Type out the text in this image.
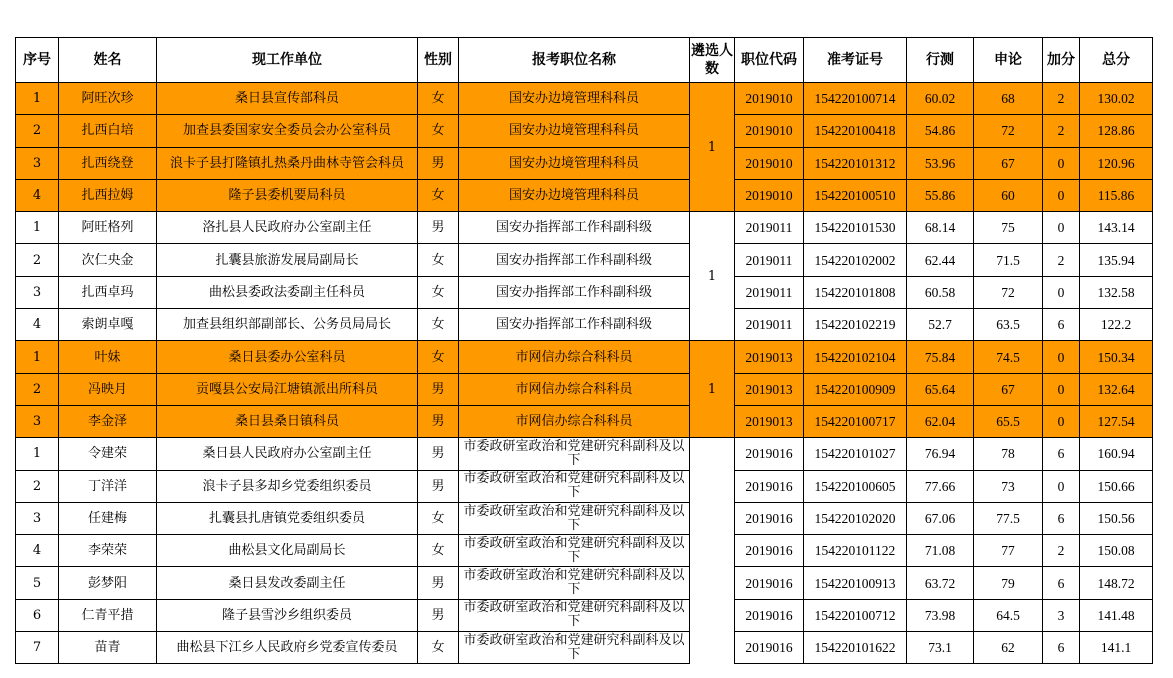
序号	姓名	现工作单位	性别	报考职位名称	遴选人数	职位代码	准考证号	行测	申论	加分	总分
1	阿旺次珍	桑日县宣传部科员	女	国安办边境管理科科员	1	2019010	154220100714	60.02	68	2	130.02
2	扎西白培	加查县委国家安全委员会办公室科员	女	国安办边境管理科科员		2019010	154220100418	54.86	72	2	128.86
3	扎西绕登	浪卡子县打隆镇扎热桑丹曲林寺管会科员	男	国安办边境管理科科员		2019010	154220101312	53.96	67	0	120.96
4	扎西拉姆	隆子县委机要局科员	女	国安办边境管理科科员		2019010	154220100510	55.86	60	0	115.86
1	阿旺格列	洛扎县人民政府办公室副主任	男	国安办指挥部工作科副科级	1	2019011	154220101530	68.14	75	0	143.14
2	次仁央金	扎囊县旅游发展局副局长	女	国安办指挥部工作科副科级		2019011	154220102002	62.44	71.5	2	135.94
3	扎西卓玛	曲松县委政法委副主任科员	女	国安办指挥部工作科副科级		2019011	154220101808	60.58	72	0	132.58
4	索朗卓嘎	加查县组织部副部长、公务员局局长	女	国安办指挥部工作科副科级		2019011	154220102219	52.7	63.5	6	122.2
1	叶妹	桑日县委办公室科员	女	市网信办综合科科员	1	2019013	154220102104	75.84	74.5	0	150.34
2	冯映月	贡嘎县公安局江塘镇派出所科员	男	市网信办综合科科员		2019013	154220100909	65.64	67	0	132.64
3	李金泽	桑日县桑日镇科员	男	市网信办综合科科员		2019013	154220100717	62.04	65.5	0	127.54
1	令建荣	桑日县人民政府办公室副主任	男	市委政研室政治和党建研究科副科及以下		2019016	154220101027	76.94	78	6	160.94
2	丁洋洋	浪卡子县多却乡党委组织委员	男	市委政研室政治和党建研究科副科及以下		2019016	154220100605	77.66	73	0	150.66
3	任建梅	扎囊县扎唐镇党委组织委员	女	市委政研室政治和党建研究科副科及以下		2019016	154220102020	67.06	77.5	6	150.56
4	李荣荣	曲松县文化局副局长	女	市委政研室政治和党建研究科副科及以下		2019016	154220101122	71.08	77	2	150.08
5	彭梦阳	桑日县发改委副主任	男	市委政研室政治和党建研究科副科及以下		2019016	154220100913	63.72	79	6	148.72
6	仁青平措	隆子县雪沙乡组织委员	男	市委政研室政治和党建研究科副科及以下		2019016	154220100712	73.98	64.5	3	141.48
7	苗青	曲松县下江乡人民政府乡党委宣传委员	女	市委政研室政治和党建研究科副科及以下		2019016	154220101622	73.1	62	6	141.1
